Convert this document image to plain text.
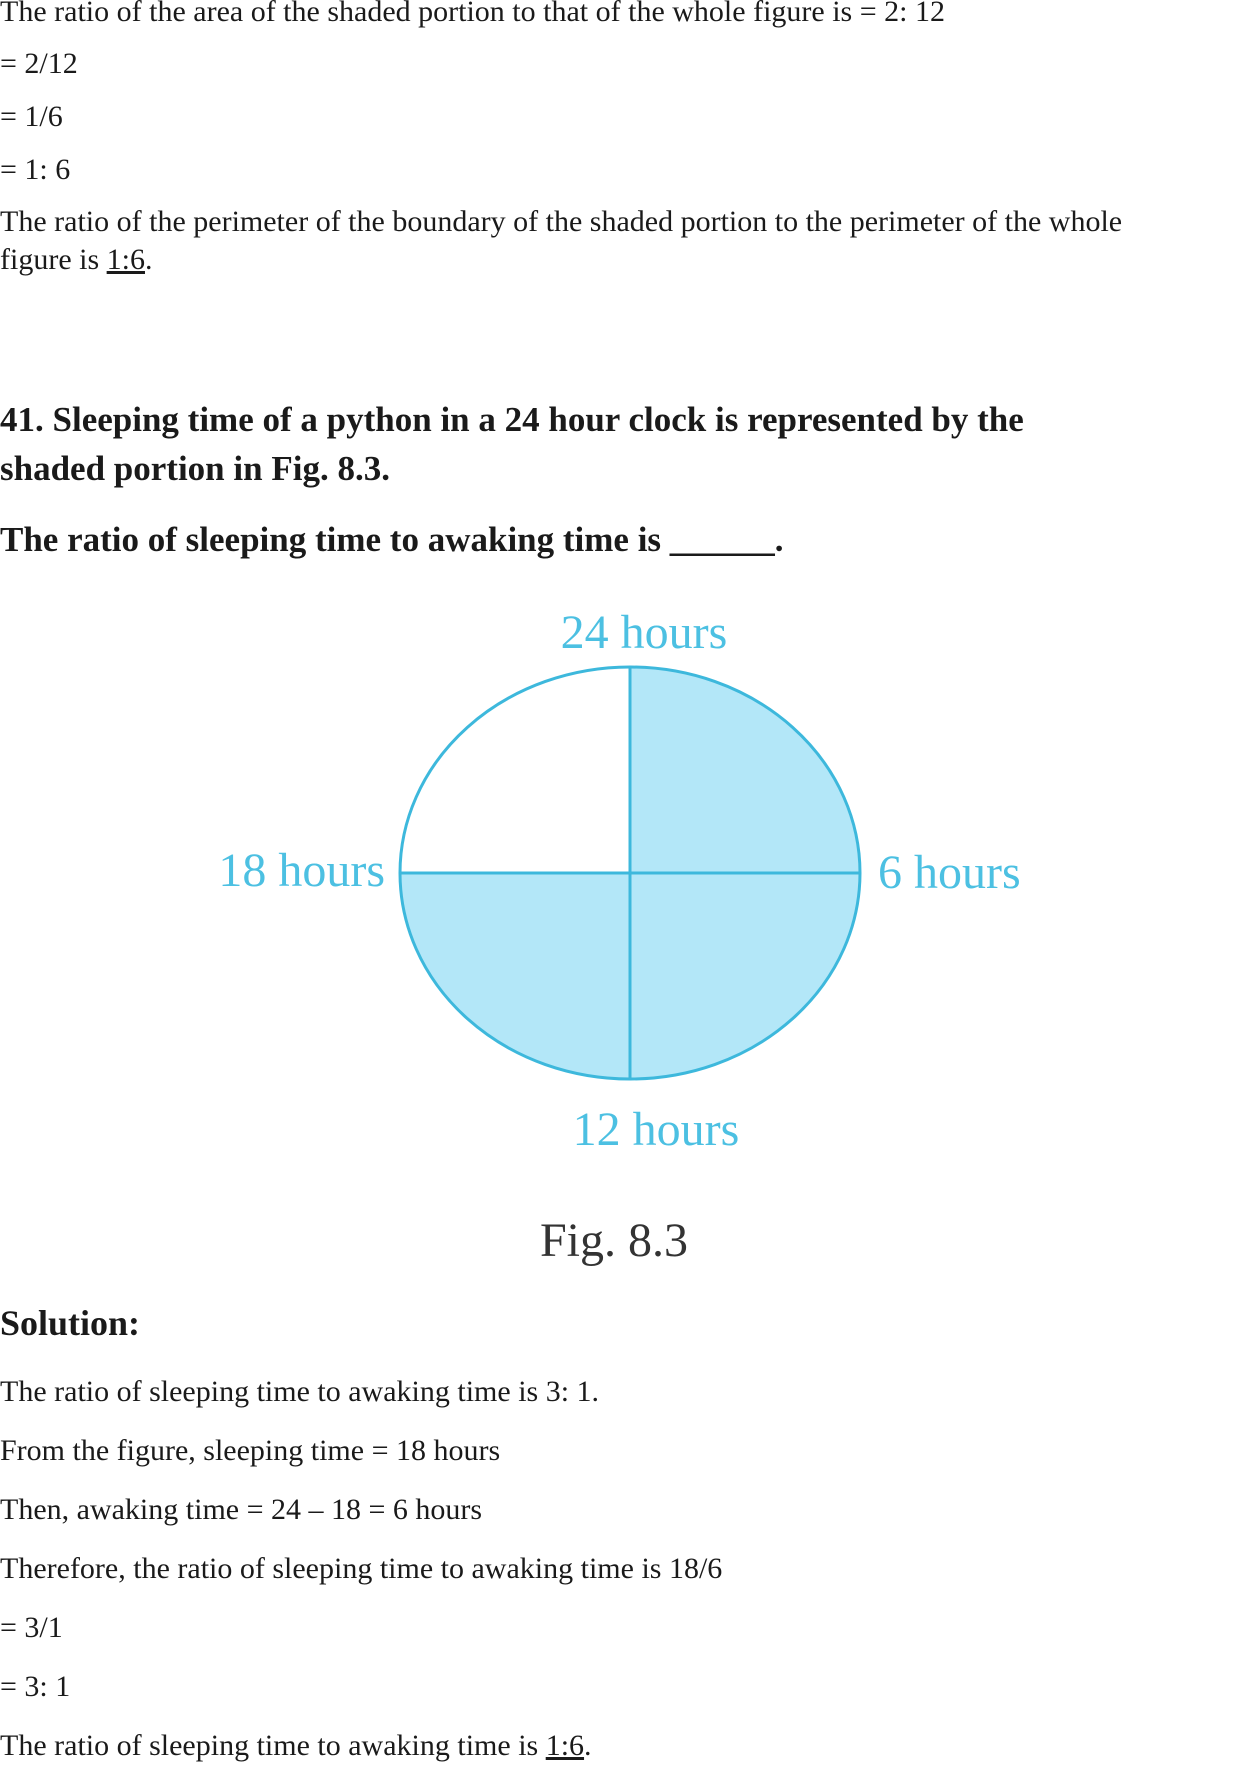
The ratio of the area of the shaded portion to that of the whole figure is = 2: 12
= 2/12
= 1/6
= 1: 6
The ratio of the perimeter of the boundary of the shaded portion to the perimeter of the whole
figure is 1:6.
41. Sleeping time of a python in a 24 hour clock is represented by the
shaded portion in Fig. 8.3.
The ratio of sleeping time to awaking time is ______.
24 hours
6 hours
12 hours
18 hours
Fig. 8.3
Solution:
The ratio of sleeping time to awaking time is 3: 1.
From the figure, sleeping time = 18 hours
Then, awaking time = 24 – 18 = 6 hours
Therefore, the ratio of sleeping time to awaking time is 18/6
= 3/1
= 3: 1
The ratio of sleeping time to awaking time is 1:6.
